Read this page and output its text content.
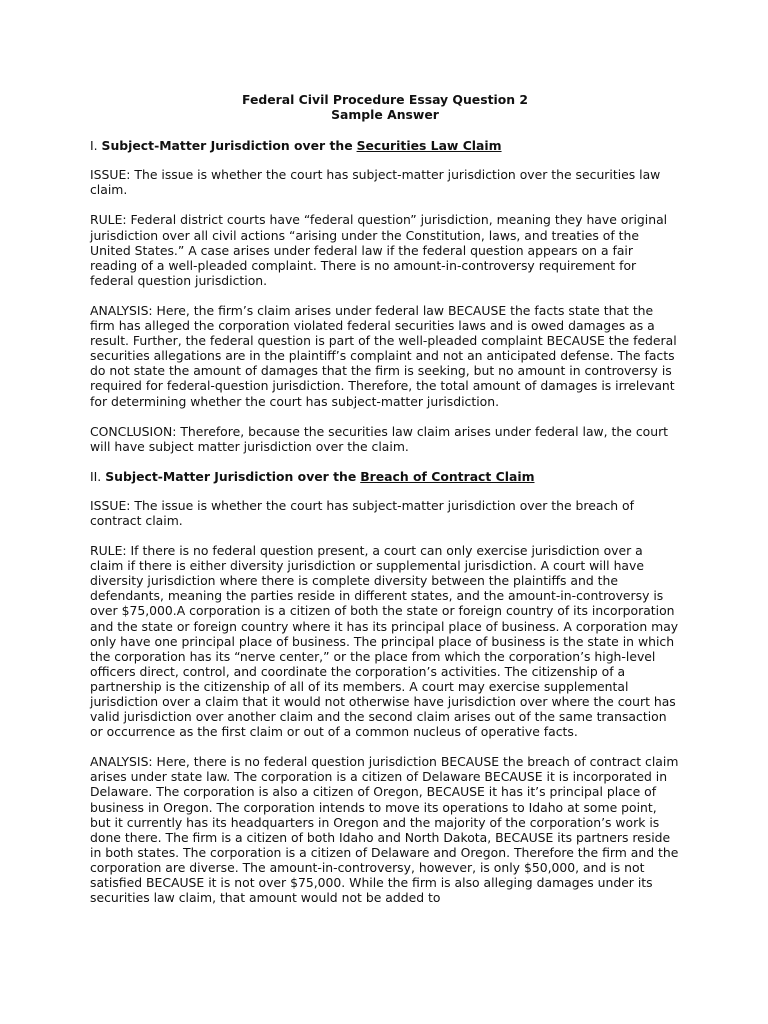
Federal Civil Procedure Essay Question 2

Sample Answer

I. Subject-Matter Jurisdiction over the Securities Law Claim

ISSUE: The issue is whether the court has subject-matter jurisdiction over the securities law claim.

RULE: Federal district courts have “federal question” jurisdiction, meaning they have original jurisdiction over all civil actions “arising under the Constitution, laws, and treaties of the United States.” A case arises under federal law if the federal question appears on a fair reading of a well-pleaded complaint. There is no amount-in-controversy requirement for federal question jurisdiction.

ANALYSIS: Here, the firm’s claim arises under federal law BECAUSE the facts state that the firm has alleged the corporation violated federal securities laws and is owed damages as a result. Further, the federal question is part of the well-pleaded complaint BECAUSE the federal securities allegations are in the plaintiff’s complaint and not an anticipated defense. The facts do not state the amount of damages that the firm is seeking, but no amount in controversy is required for federal-question jurisdiction. Therefore, the total amount of damages is irrelevant for determining whether the court has subject-matter jurisdiction.

CONCLUSION: Therefore, because the securities law claim arises under federal law, the court will have subject matter jurisdiction over the claim.

II. Subject-Matter Jurisdiction over the Breach of Contract Claim

ISSUE: The issue is whether the court has subject-matter jurisdiction over the breach of contract claim.

RULE: If there is no federal question present, a court can only exercise jurisdiction over a claim if there is either diversity jurisdiction or supplemental jurisdiction. A court will have diversity jurisdiction where there is complete diversity between the plaintiffs and the defendants, meaning the parties reside in different states, and the amount-in-controversy is over $75,000.A corporation is a citizen of both the state or foreign country of its incorporation and the state or foreign country where it has its principal place of business. A corporation may only have one principal place of business. The principal place of business is the state in which the corporation has its “nerve center,” or the place from which the corporation’s high-level officers direct, control, and coordinate the corporation’s activities. The citizenship of a partnership is the citizenship of all of its members. A court may exercise supplemental jurisdiction over a claim that it would not otherwise have jurisdiction over where the court has valid jurisdiction over another claim and the second claim arises out of the same transaction or occurrence as the first claim or out of a common nucleus of operative facts.

ANALYSIS: Here, there is no federal question jurisdiction BECAUSE the breach of contract claim arises under state law. The corporation is a citizen of Delaware BECAUSE it is incorporated in Delaware. The corporation is also a citizen of Oregon, BECAUSE it has it’s principal place of business in Oregon. The corporation intends to move its operations to Idaho at some point, but it currently has its headquarters in Oregon and the majority of the corporation’s work is done there. The firm is a citizen of both Idaho and North Dakota, BECAUSE its partners reside in both states. The corporation is a citizen of Delaware and Oregon. Therefore the firm and the corporation are diverse. The amount-in-controversy, however, is only $50,000, and is not satisfied BECAUSE it is not over $75,000. While the firm is also alleging damages under its securities law claim, that amount would not be added to
